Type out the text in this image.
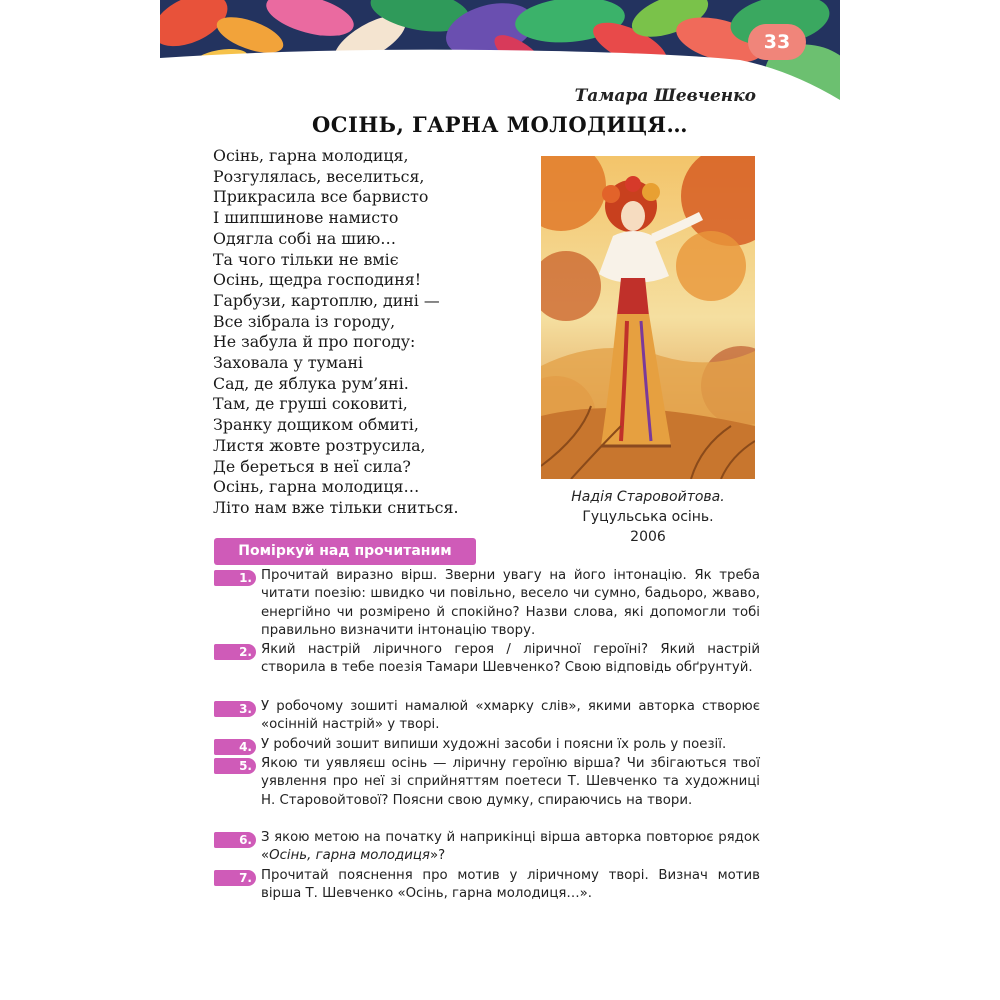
33
Тамара Шевченко
ОСІНЬ, ГАРНА МОЛОДИЦЯ…
Осінь, гарна молодиця,
Розгулялась, веселиться,
Прикрасила все барвисто
І шипшинове намисто
Одягла собі на шию…
Та чого тільки не вміє
Осінь, щедра господиня!
Гарбузи, картоплю, дині —
Все зібрала із городу,
Не забула й про погоду:
Заховала у тумані
Сад, де яблука рум’яні.
Там, де груші соковиті,
Зранку дощиком обмиті,
Листя жовте розтрусила,
Де береться в неї сила?
Осінь, гарна молодиця…
Літо нам вже тільки сниться.
Надія Старовойтова.
Гуцульська осінь.
2006
Поміркуй над прочитаним
1. Прочитай виразно вірш. Зверни увагу на його інтонацію. Як треба читати поезію: швидко чи повільно, весело чи сумно, бадьоро, жваво, енергійно чи розмірено й спокійно? Назви слова, які допомогли тобі правильно визначити інтонацію твору.
2. Який настрій ліричного героя / ліричної героїні? Який настрій створила в тебе поезія Тамари Шевченко? Свою відповідь обґрунтуй.
3. У робочому зошиті намалюй «хмарку слів», якими авторка створює «осінній настрій» у творі.
4. У робочий зошит випиши художні засоби і поясни їх роль у поезії.
5. Якою ти уявляєш осінь — ліричну героїню вірша? Чи збігаються твої уявлення про неї зі сприйняттям поетеси Т. Шевченко та художниці Н. Старовойтової? Поясни свою думку, спираючись на твори.
6. З якою метою на початку й наприкінці вірша авторка повторює рядок «Осінь, гарна молодиця»?
7. Прочитай пояснення про мотив у ліричному творі. Визнач мотив вірша Т. Шевченко «Осінь, гарна молодиця…».
